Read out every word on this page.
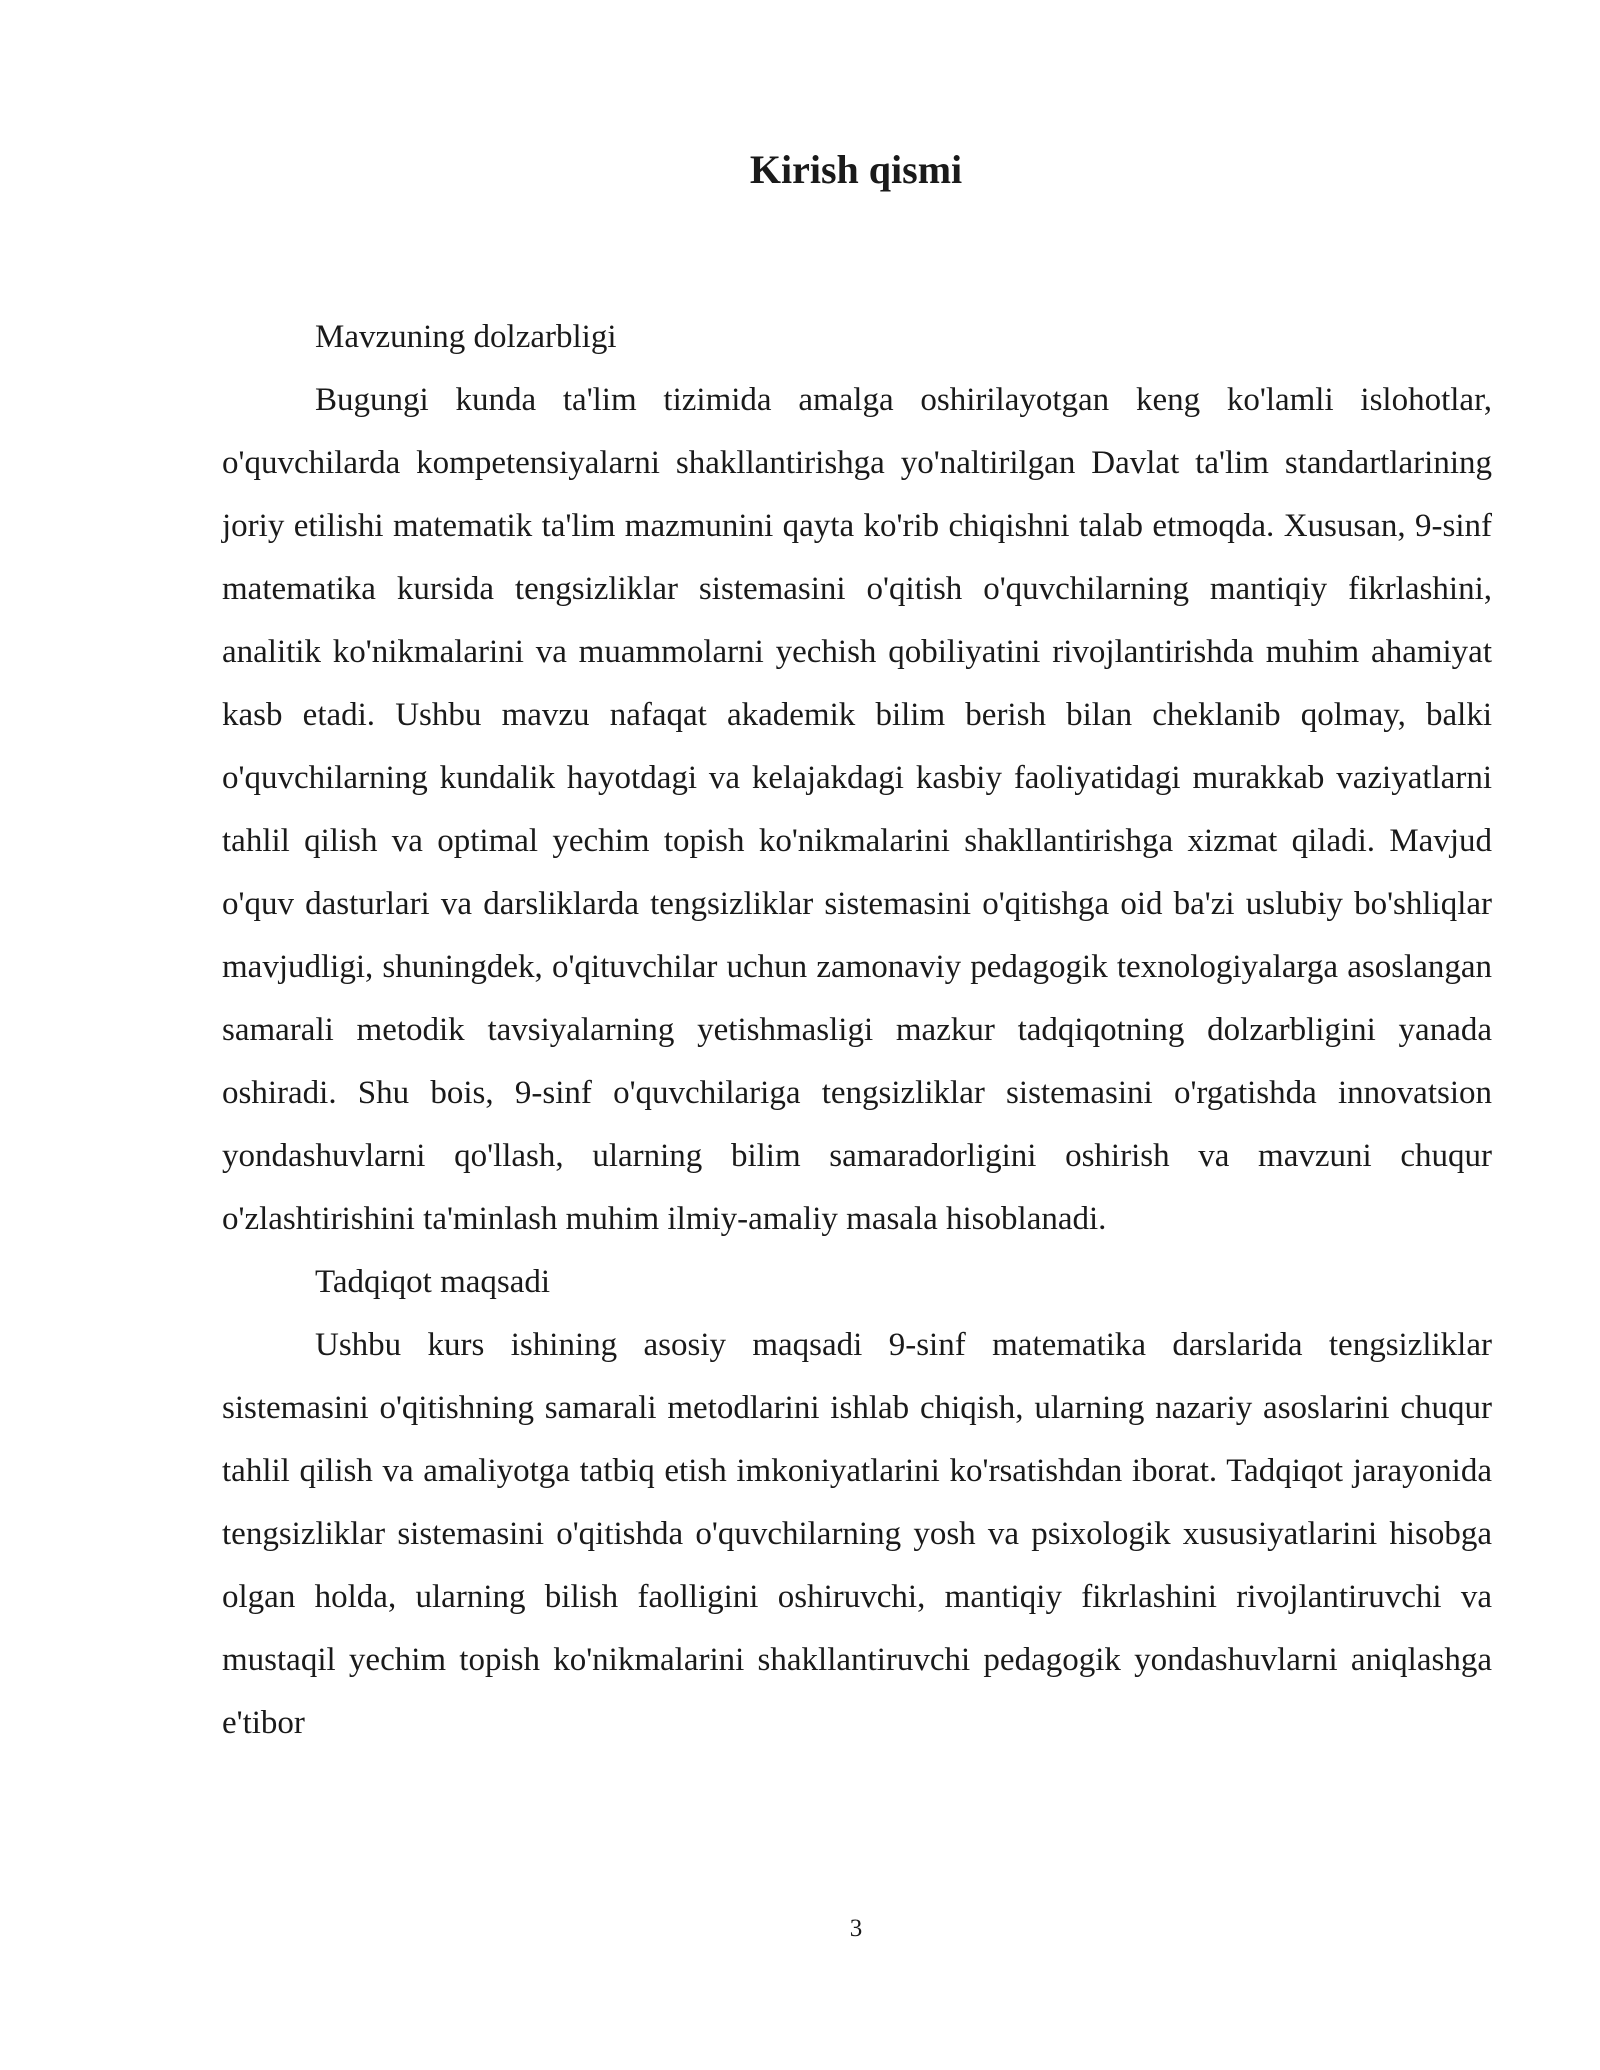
Kirish qismi

Mavzuning dolzarbligi

Bugungi kunda ta'lim tizimida amalga oshirilayotgan keng ko'lamli islohotlar, o'quvchilarda kompetensiyalarni shakllantirishga yo'naltirilgan Davlat ta'lim standartlarining joriy etilishi matematik ta'lim mazmunini qayta ko'rib chiqishni talab etmoqda. Xususan, 9-sinf matematika kursida tengsizliklar sistemasini o'qitish o'quvchilarning mantiqiy fikrlashini, analitik ko'nikmalarini va muammolarni yechish qobiliyatini rivojlantirishda muhim ahamiyat kasb etadi. Ushbu mavzu nafaqat akademik bilim berish bilan cheklanib qolmay, balki o'quvchilarning kundalik hayotdagi va kelajakdagi kasbiy faoliyatidagi murakkab vaziyatlarni tahlil qilish va optimal yechim topish ko'nikmalarini shakllantirishga xizmat qiladi. Mavjud o'quv dasturlari va darsliklarda tengsizliklar sistemasini o'qitishga oid ba'zi uslubiy bo'shliqlar mavjudligi, shuningdek, o'qituvchilar uchun zamonaviy pedagogik texnologiyalarga asoslangan samarali metodik tavsiyalarning yetishmasligi mazkur tadqiqotning dolzarbligini yanada oshiradi. Shu bois, 9-sinf o'quvchilariga tengsizliklar sistemasini o'rgatishda innovatsion yondashuvlarni qo'llash, ularning bilim samaradorligini oshirish va mavzuni chuqur o'zlashtirishini ta'minlash muhim ilmiy-amaliy masala hisoblanadi.

Tadqiqot maqsadi

Ushbu kurs ishining asosiy maqsadi 9-sinf matematika darslarida tengsizliklar sistemasini o'qitishning samarali metodlarini ishlab chiqish, ularning nazariy asoslarini chuqur tahlil qilish va amaliyotga tatbiq etish imkoniyatlarini ko'rsatishdan iborat. Tadqiqot jarayonida tengsizliklar sistemasini o'qitishda o'quvchilarning yosh va psixologik xususiyatlarini hisobga olgan holda, ularning bilish faolligini oshiruvchi, mantiqiy fikrlashini rivojlantiruvchi va mustaqil yechim topish ko'nikmalarini shakllantiruvchi pedagogik yondashuvlarni aniqlashga e'tibor

3
